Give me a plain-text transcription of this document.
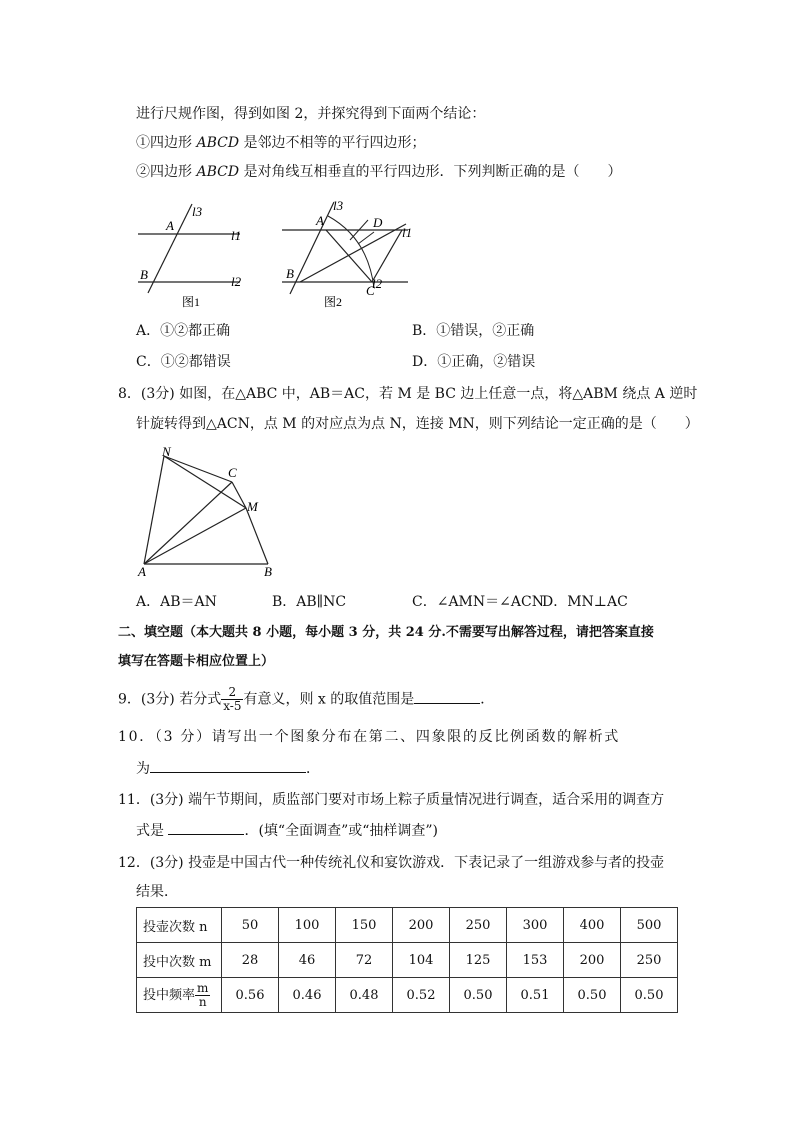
进行尺规作图，得到如图 2，并探究得到下面两个结论：
①四边形 ABCD 是邻边不相等的平行四边形；
②四边形 ABCD 是对角线互相垂直的平行四边形．下列判断正确的是（　　）
A
B
l3
l1
l2
图1
A
B
C
D
l3
l1
l2
图2
A．①②都正确	B．①错误，②正确
C．①②都错误	D．①正确，②错误
8．(3分) 如图，在△ABC 中，AB＝AC，若 M 是 BC 边上任意一点，将△ABM 绕点 A 逆时
针旋转得到△ACN，点 M 的对应点为点 N，连接 MN，则下列结论一定正确的是（　　）
N
C
M
A	B
A．AB＝AN	B．AB∥NC	C．∠AMN＝∠ACN
D．MN⊥AC
二、填空题（本大题共 8 小题，每小题 3 分，共 24 分.不需要写出解答过程，请把答案直接
填写在答题卡相应位置上）
9．(3分) 若分式 $\frac{2}{x-5}$ 有意义，则 x 的取值范围是	．
10．（3 分）请写出一个图象分布在第二、四象限的反比例函数的解析式
为	．
11．(3分) 端午节期间，质监部门要对市场上粽子质量情况进行调查，适合采用的调查方
式是	．(填“全面调查”或“抽样调查”)
12．(3分) 投壶是中国古代一种传统礼仪和宴饮游戏．下表记录了一组游戏参与者的投壶
结果．
投壶次数 n	50	100	150	200	250	300	400	500
投中次数 m	28	46	72	104	125	153	200	250
投中频率 $\frac{m}{n}$	0.56	0.46	0.48	0.52	0.50	0.51	0.50	0.50
